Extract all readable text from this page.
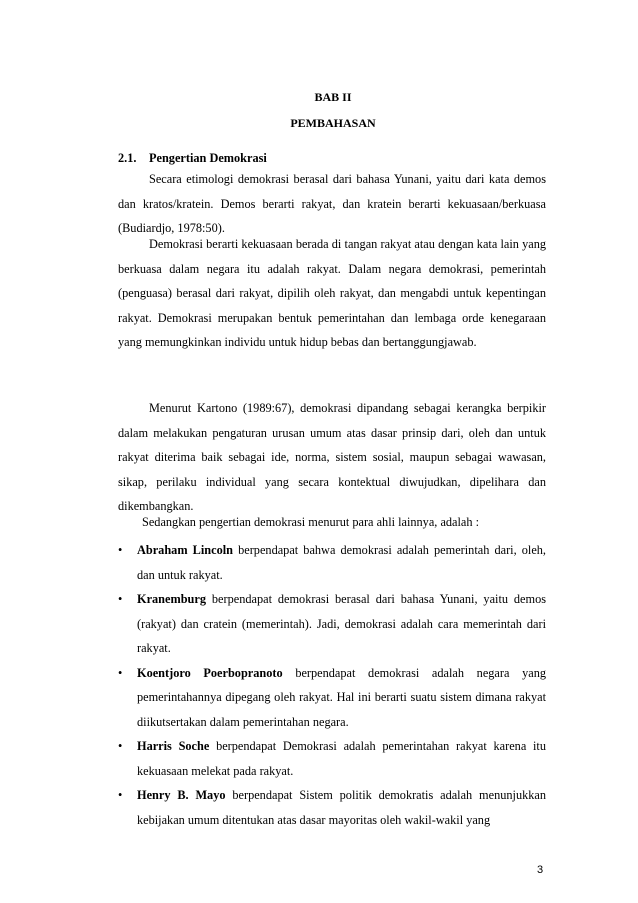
BAB II
PEMBAHASAN
2.1. Pengertian Demokrasi

Secara etimologi demokrasi berasal dari bahasa Yunani, yaitu dari kata demos dan kratos/kratein. Demos berarti rakyat, dan kratein berarti kekuasaan/berkuasa (Budiardjo, 1978:50).

Demokrasi berarti kekuasaan berada di tangan rakyat atau dengan kata lain yang berkuasa dalam negara itu adalah rakyat. Dalam negara demokrasi, pemerintah (penguasa) berasal dari rakyat, dipilih oleh rakyat, dan mengabdi untuk kepentingan rakyat. Demokrasi merupakan bentuk pemerintahan dan lembaga orde kenegaraan yang memungkinkan individu untuk hidup bebas dan bertanggungjawab.

Menurut Kartono (1989:67), demokrasi dipandang sebagai kerangka berpikir dalam melakukan pengaturan urusan umum atas dasar prinsip dari, oleh dan untuk rakyat diterima baik sebagai ide, norma, sistem sosial, maupun sebagai wawasan, sikap, perilaku individual yang secara kontektual diwujudkan, dipelihara dan dikembangkan.

Sedangkan pengertian demokrasi menurut para ahli lainnya, adalah :
• Abraham Lincoln berpendapat bahwa demokrasi adalah pemerintah dari, oleh, dan untuk rakyat.
• Kranemburg berpendapat demokrasi berasal dari bahasa Yunani, yaitu demos (rakyat) dan cratein (memerintah). Jadi, demokrasi adalah cara memerintah dari rakyat.
• Koentjoro Poerbopranoto berpendapat demokrasi adalah negara yang pemerintahannya dipegang oleh rakyat. Hal ini berarti suatu sistem dimana rakyat diikutsertakan dalam pemerintahan negara.
• Harris Soche berpendapat Demokrasi adalah pemerintahan rakyat karena itu kekuasaan melekat pada rakyat.
• Henry B. Mayo berpendapat Sistem politik demokratis adalah menunjukkan kebijakan umum ditentukan atas dasar mayoritas oleh wakil-wakil yang
3
